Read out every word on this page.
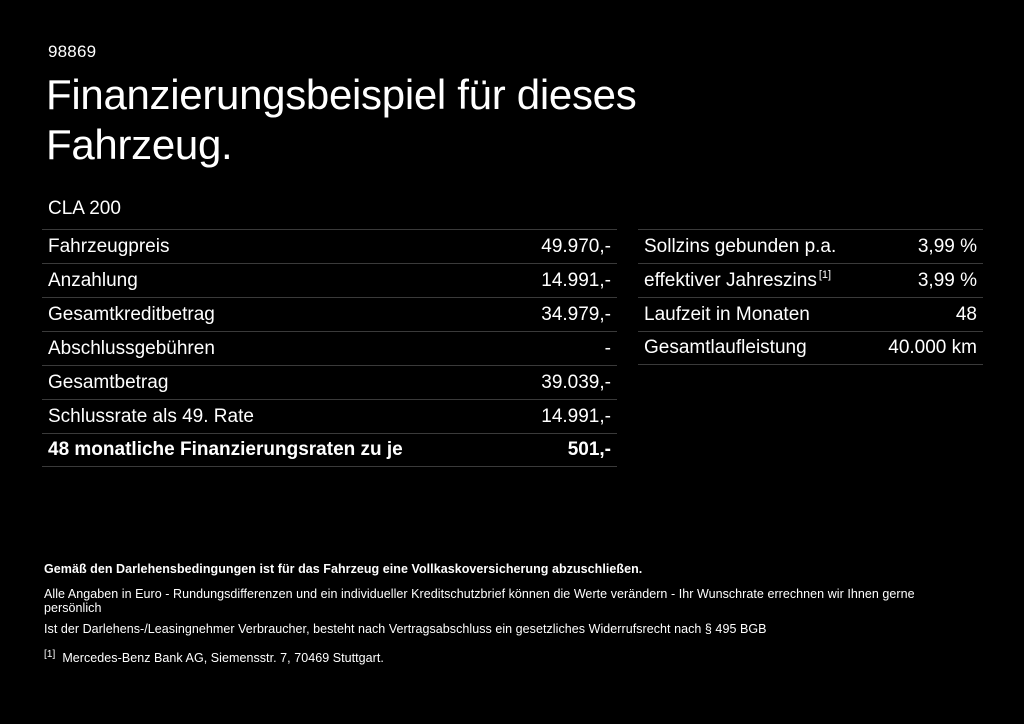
98869
Finanzierungsbeispiel für dieses Fahrzeug.
CLA 200
Fahrzeugpreis	49.970,-
Anzahlung	14.991,-
Gesamtkreditbetrag	34.979,-
Abschlussgebühren	-
Gesamtbetrag	39.039,-
Schlussrate als 49. Rate	14.991,-
48 monatliche Finanzierungsraten zu je	501,-
Sollzins gebunden p.a.	3,99 %
effektiver Jahreszins [1]	3,99 %
Laufzeit in Monaten	48
Gesamtlaufleistung	40.000 km
Gemäß den Darlehensbedingungen ist für das Fahrzeug eine Vollkaskoversicherung abzuschließen.
Alle Angaben in Euro - Rundungsdifferenzen und ein individueller Kreditschutzbrief können die Werte verändern - Ihr Wunschrate errechnen wir Ihnen gerne persönlich
Ist der Darlehens-/Leasingnehmer Verbraucher, besteht nach Vertragsabschluss ein gesetzliches Widerrufsrecht nach § 495 BGB
[1] Mercedes-Benz Bank AG, Siemensstr. 7, 70469 Stuttgart.
